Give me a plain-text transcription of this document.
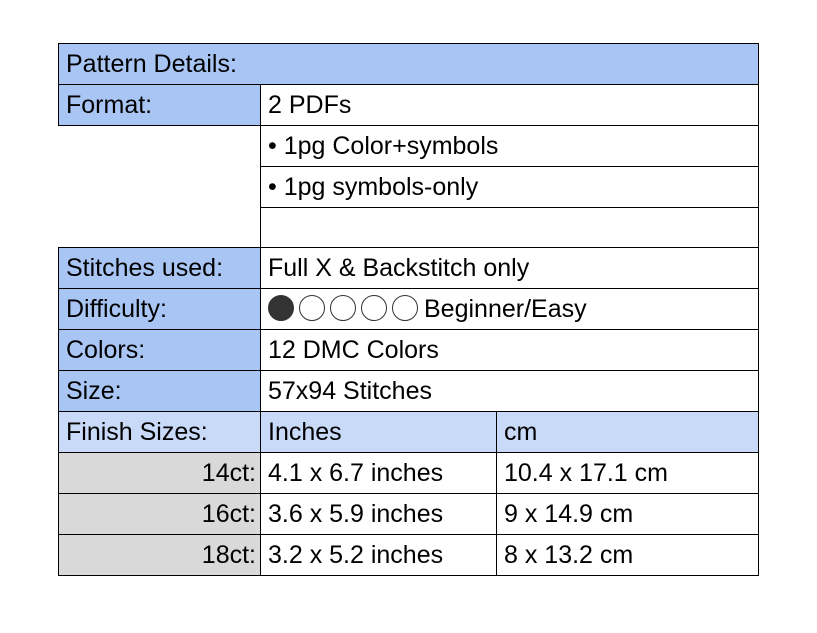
Pattern Details:		
Format:	2 PDFs	
	• 1pg Color+symbols	
	• 1pg symbols-only	

Stitches used:	Full X & Backstitch only	
Difficulty:	Beginner/Easy	
Colors:	12 DMC Colors	
Size:	57x94 Stitches	
Finish Sizes:	Inches	cm
14ct:	4.1 x 6.7 inches	10.4 x 17.1 cm
16ct:	3.6 x 5.9 inches	9 x 14.9 cm
18ct:	3.2 x 5.2 inches	8 x 13.2 cm
